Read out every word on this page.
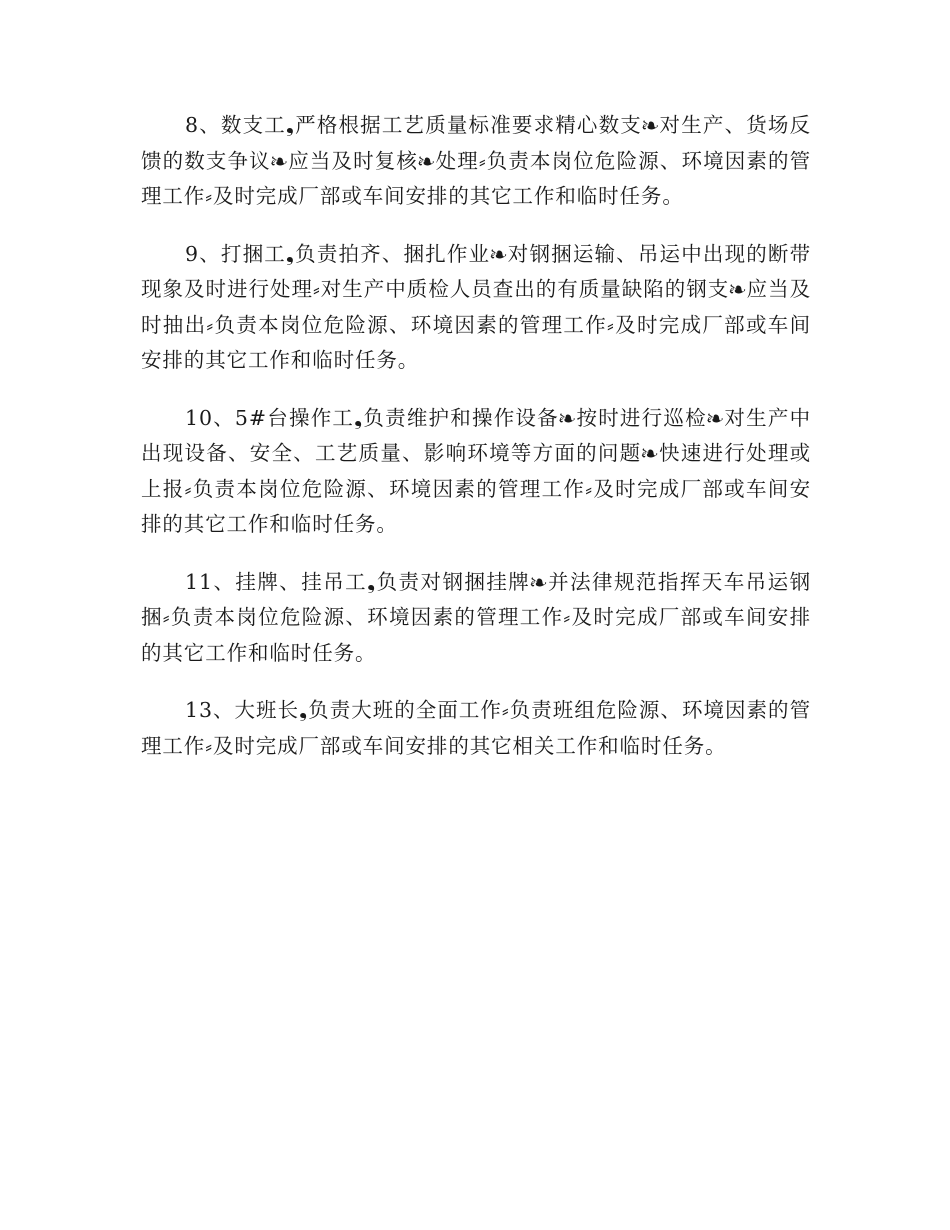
8、数支工❟严格根据工艺质量标准要求精心数支❧对生产、货场反馈的数支争议❧应当及时复核❧处理⸗负责本岗位危险源、环境因素的管理工作⸗及时完成厂部或车间安排的其它工作和临时任务。

9、打捆工❟负责拍齐、捆扎作业❧对钢捆运输、吊运中出现的断带现象及时进行处理⸗对生产中质检人员查出的有质量缺陷的钢支❧应当及时抽出⸗负责本岗位危险源、环境因素的管理工作⸗及时完成厂部或车间安排的其它工作和临时任务。

10、5#台操作工❟负责维护和操作设备❧按时进行巡检❧对生产中出现设备、安全、工艺质量、影响环境等方面的问题❧快速进行处理或上报⸗负责本岗位危险源、环境因素的管理工作⸗及时完成厂部或车间安排的其它工作和临时任务。

11、挂牌、挂吊工❟负责对钢捆挂牌❧并法律规范指挥天车吊运钢捆⸗负责本岗位危险源、环境因素的管理工作⸗及时完成厂部或车间安排的其它工作和临时任务。

13、大班长❟负责大班的全面工作⸗负责班组危险源、环境因素的管理工作⸗及时完成厂部或车间安排的其它相关工作和临时任务。
